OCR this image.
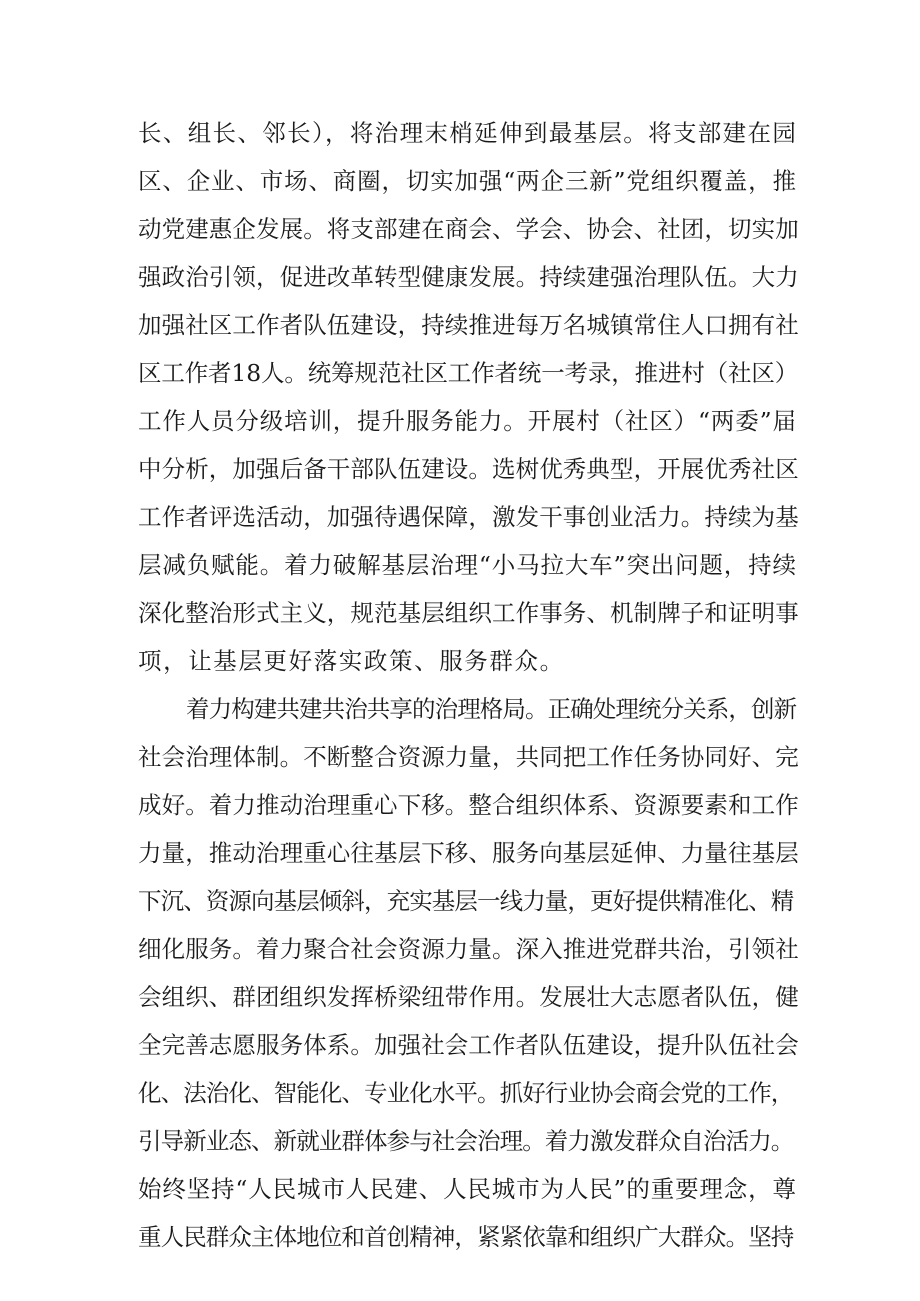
长、组长、邻长），将治理末梢延伸到最基层。将支部建在园
区、企业、市场、商圈，切实加强“两企三新”党组织覆盖，推
动党建惠企发展。将支部建在商会、学会、协会、社团，切实加
强政治引领，促进改革转型健康发展。持续建强治理队伍。大力
加强社区工作者队伍建设，持续推进每万名城镇常住人口拥有社
区工作者18人。统筹规范社区工作者统一考录，推进村（社区）
工作人员分级培训，提升服务能力。开展村（社区）“两委”届
中分析，加强后备干部队伍建设。选树优秀典型，开展优秀社区
工作者评选活动，加强待遇保障，激发干事创业活力。持续为基
层减负赋能。着力破解基层治理“小马拉大车”突出问题，持续
深化整治形式主义，规范基层组织工作事务、机制牌子和证明事
项，让基层更好落实政策、服务群众。
着力构建共建共治共享的治理格局。正确处理统分关系，创新
社会治理体制。不断整合资源力量，共同把工作任务协同好、完
成好。着力推动治理重心下移。整合组织体系、资源要素和工作
力量，推动治理重心往基层下移、服务向基层延伸、力量往基层
下沉、资源向基层倾斜，充实基层一线力量，更好提供精准化、精
细化服务。着力聚合社会资源力量。深入推进党群共治，引领社
会组织、群团组织发挥桥梁纽带作用。发展壮大志愿者队伍，健
全完善志愿服务体系。加强社会工作者队伍建设，提升队伍社会
化、法治化、智能化、专业化水平。抓好行业协会商会党的工作，
引导新业态、新就业群体参与社会治理。着力激发群众自治活力。
始终坚持“人民城市人民建、人民城市为人民”的重要理念，尊
重人民群众主体地位和首创精神，紧紧依靠和组织广大群众。坚持
